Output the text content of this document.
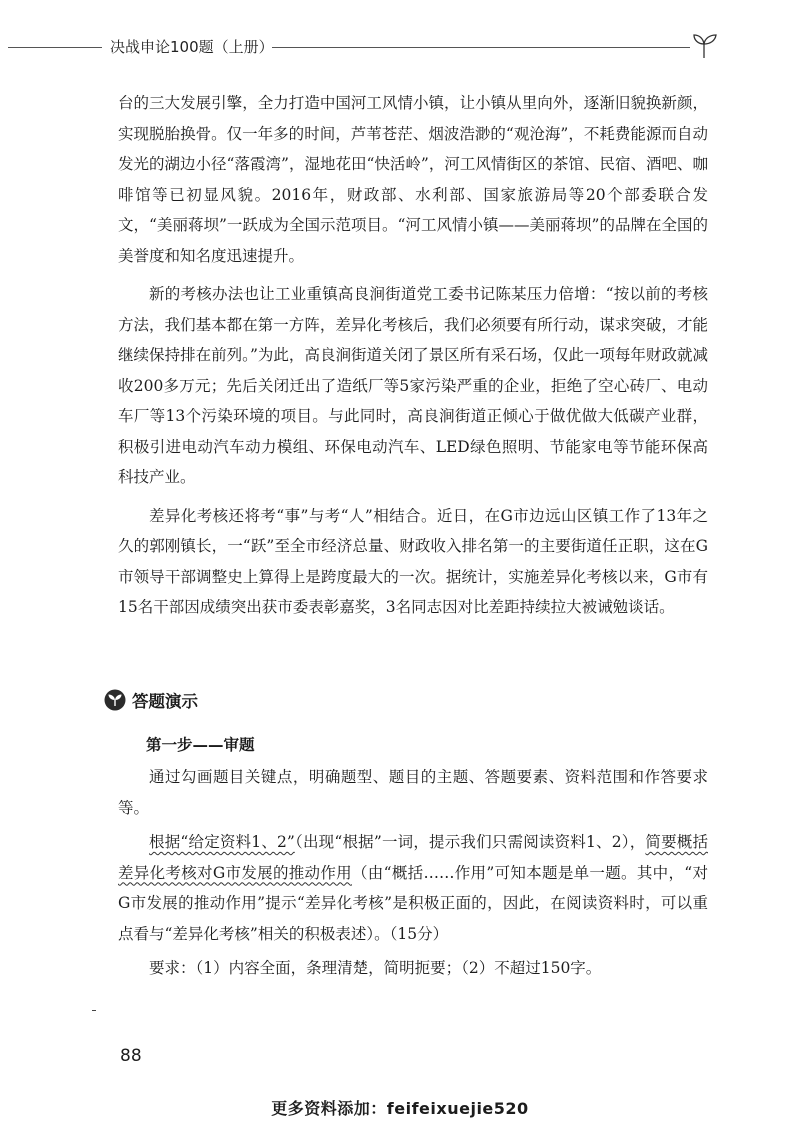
决战申论100题（上册）

台的三大发展引擎，全力打造中国河工风情小镇，让小镇从里向外，逐渐旧貌换新颜，实现脱胎换骨。仅一年多的时间，芦苇苍茫、烟波浩渺的“观沧海”，不耗费能源而自动发光的湖边小径“落霞湾”，湿地花田“快活岭”，河工风情街区的茶馆、民宿、酒吧、咖啡馆等已初显风貌。2016年，财政部、水利部、国家旅游局等20个部委联合发文，“美丽蒋坝”一跃成为全国示范项目。“河工风情小镇——美丽蒋坝”的品牌在全国的美誉度和知名度迅速提升。

新的考核办法也让工业重镇高良涧街道党工委书记陈某压力倍增：“按以前的考核方法，我们基本都在第一方阵，差异化考核后，我们必须要有所行动，谋求突破，才能继续保持排在前列。”为此，高良涧街道关闭了景区所有采石场，仅此一项每年财政就减收200多万元；先后关闭迁出了造纸厂等5家污染严重的企业，拒绝了空心砖厂、电动车厂等13个污染环境的项目。与此同时，高良涧街道正倾心于做优做大低碳产业群，积极引进电动汽车动力模组、环保电动汽车、LED绿色照明、节能家电等节能环保高科技产业。

差异化考核还将考“事”与考“人”相结合。近日，在G市边远山区镇工作了13年之久的郭刚镇长，一“跃”至全市经济总量、财政收入排名第一的主要街道任正职，这在G市领导干部调整史上算得上是跨度最大的一次。据统计，实施差异化考核以来，G市有15名干部因成绩突出获市委表彰嘉奖，3名同志因对比差距持续拉大被诫勉谈话。

答题演示
第一步——审题

通过勾画题目关键点，明确题型、题目的主题、答题要素、资料范围和作答要求等。

根据“给定资料1、2”（出现“根据”一词，提示我们只需阅读资料1、2），简要概括差异化考核对G市发展的推动作用（由“概括……作用”可知本题是单一题。其中，“对G市发展的推动作用”提示“差异化考核”是积极正面的，因此，在阅读资料时，可以重点看与“差异化考核”相关的积极表述）。（15分）

要求：（1）内容全面，条理清楚，简明扼要；（2）不超过150字。

88
更多资料添加：feifeixuejie520
